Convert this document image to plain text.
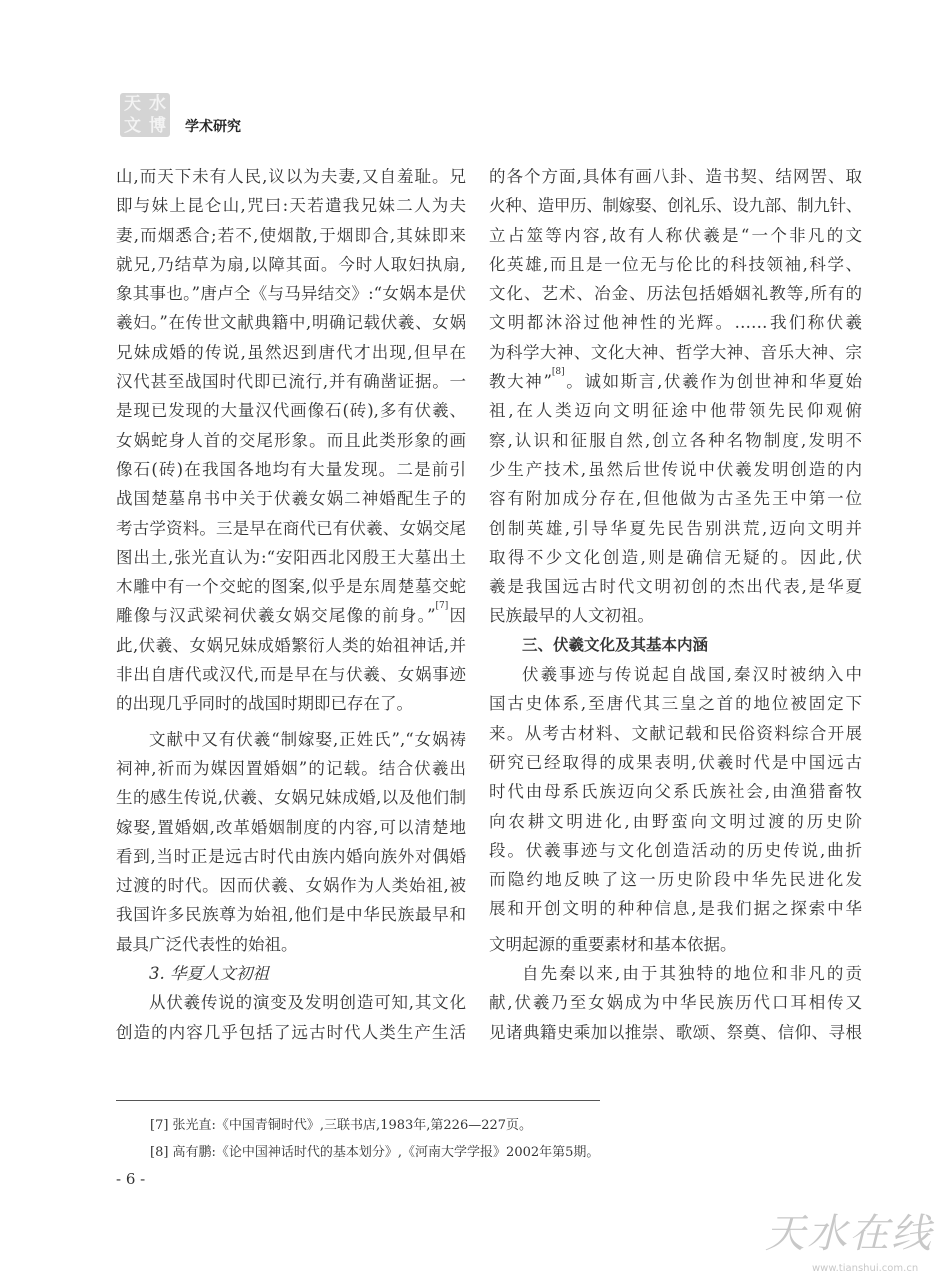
天 水
文 博 学术研究
山,而天下未有人民,议以为夫妻,又自羞耻。兄
即与妹上昆仑山,咒曰:天若遣我兄妹二人为夫
妻,而烟悉合;若不,使烟散,于烟即合,其妹即来
就兄,乃结草为扇,以障其面。今时人取妇执扇,
象其事也。”唐卢仝《与马异结交》:“女娲本是伏
羲妇。”在传世文献典籍中,明确记载伏羲、女娲
兄妹成婚的传说,虽然迟到唐代才出现,但早在
汉代甚至战国时代即已流行,并有确凿证据。一
是现已发现的大量汉代画像石(砖),多有伏羲、
女娲蛇身人首的交尾形象。而且此类形象的画
像石(砖)在我国各地均有大量发现。二是前引
战国楚墓帛书中关于伏羲女娲二神婚配生子的
考古学资料。三是早在商代已有伏羲、女娲交尾
图出土,张光直认为:“安阳西北冈殷王大墓出土
木雕中有一个交蛇的图案,似乎是东周楚墓交蛇
雕像与汉武梁祠伏羲女娲交尾像的前身。”[7]因
此,伏羲、女娲兄妹成婚繁衍人类的始祖神话,并
非出自唐代或汉代,而是早在与伏羲、女娲事迹
的出现几乎同时的战国时期即已存在了。
文献中又有伏羲“制嫁娶,正姓氏”,“女娲祷
祠神,祈而为媒因置婚姻”的记载。结合伏羲出
生的感生传说,伏羲、女娲兄妹成婚,以及他们制
嫁娶,置婚姻,改革婚姻制度的内容,可以清楚地
看到,当时正是远古时代由族内婚向族外对偶婚
过渡的时代。因而伏羲、女娲作为人类始祖,被
我国许多民族尊为始祖,他们是中华民族最早和
最具广泛代表性的始祖。
3. 华夏人文初祖
从伏羲传说的演变及发明创造可知,其文化
创造的内容几乎包括了远古时代人类生产生活
的各个方面,具体有画八卦、造书契、结网罟、取
火种、造甲历、制嫁娶、创礼乐、设九部、制九针、
立占筮等内容,故有人称伏羲是“一个非凡的文
化英雄,而且是一位无与伦比的科技领袖,科学、
文化、艺术、冶金、历法包括婚姻礼教等,所有的
文明都沐浴过他神性的光辉。……我们称伏羲
为科学大神、文化大神、哲学大神、音乐大神、宗
教大神”[8]。诚如斯言,伏羲作为创世神和华夏始
祖,在人类迈向文明征途中他带领先民仰观俯
察,认识和征服自然,创立各种名物制度,发明不
少生产技术,虽然后世传说中伏羲发明创造的内
容有附加成分存在,但他做为古圣先王中第一位
创制英雄,引导华夏先民告别洪荒,迈向文明并
取得不少文化创造,则是确信无疑的。因此,伏
羲是我国远古时代文明初创的杰出代表,是华夏
民族最早的人文初祖。
三、伏羲文化及其基本内涵
伏羲事迹与传说起自战国,秦汉时被纳入中
国古史体系,至唐代其三皇之首的地位被固定下
来。从考古材料、文献记载和民俗资料综合开展
研究已经取得的成果表明,伏羲时代是中国远古
时代由母系氏族迈向父系氏族社会,由渔猎畜牧
向农耕文明进化,由野蛮向文明过渡的历史阶
段。伏羲事迹与文化创造活动的历史传说,曲折
而隐约地反映了这一历史阶段中华先民进化发
展和开创文明的种种信息,是我们据之探索中华
文明起源的重要素材和基本依据。
自先秦以来,由于其独特的地位和非凡的贡
献,伏羲乃至女娲成为中华民族历代口耳相传又
见诸典籍史乘加以推崇、歌颂、祭奠、信仰、寻根
[7] 张光直:《中国青铜时代》,三联书店,1983年,第226—227页。
[8] 高有鹏:《论中国神话时代的基本划分》,《河南大学学报》2002年第5期。
- 6 -
天水在线
www.tianshui.com.cn
